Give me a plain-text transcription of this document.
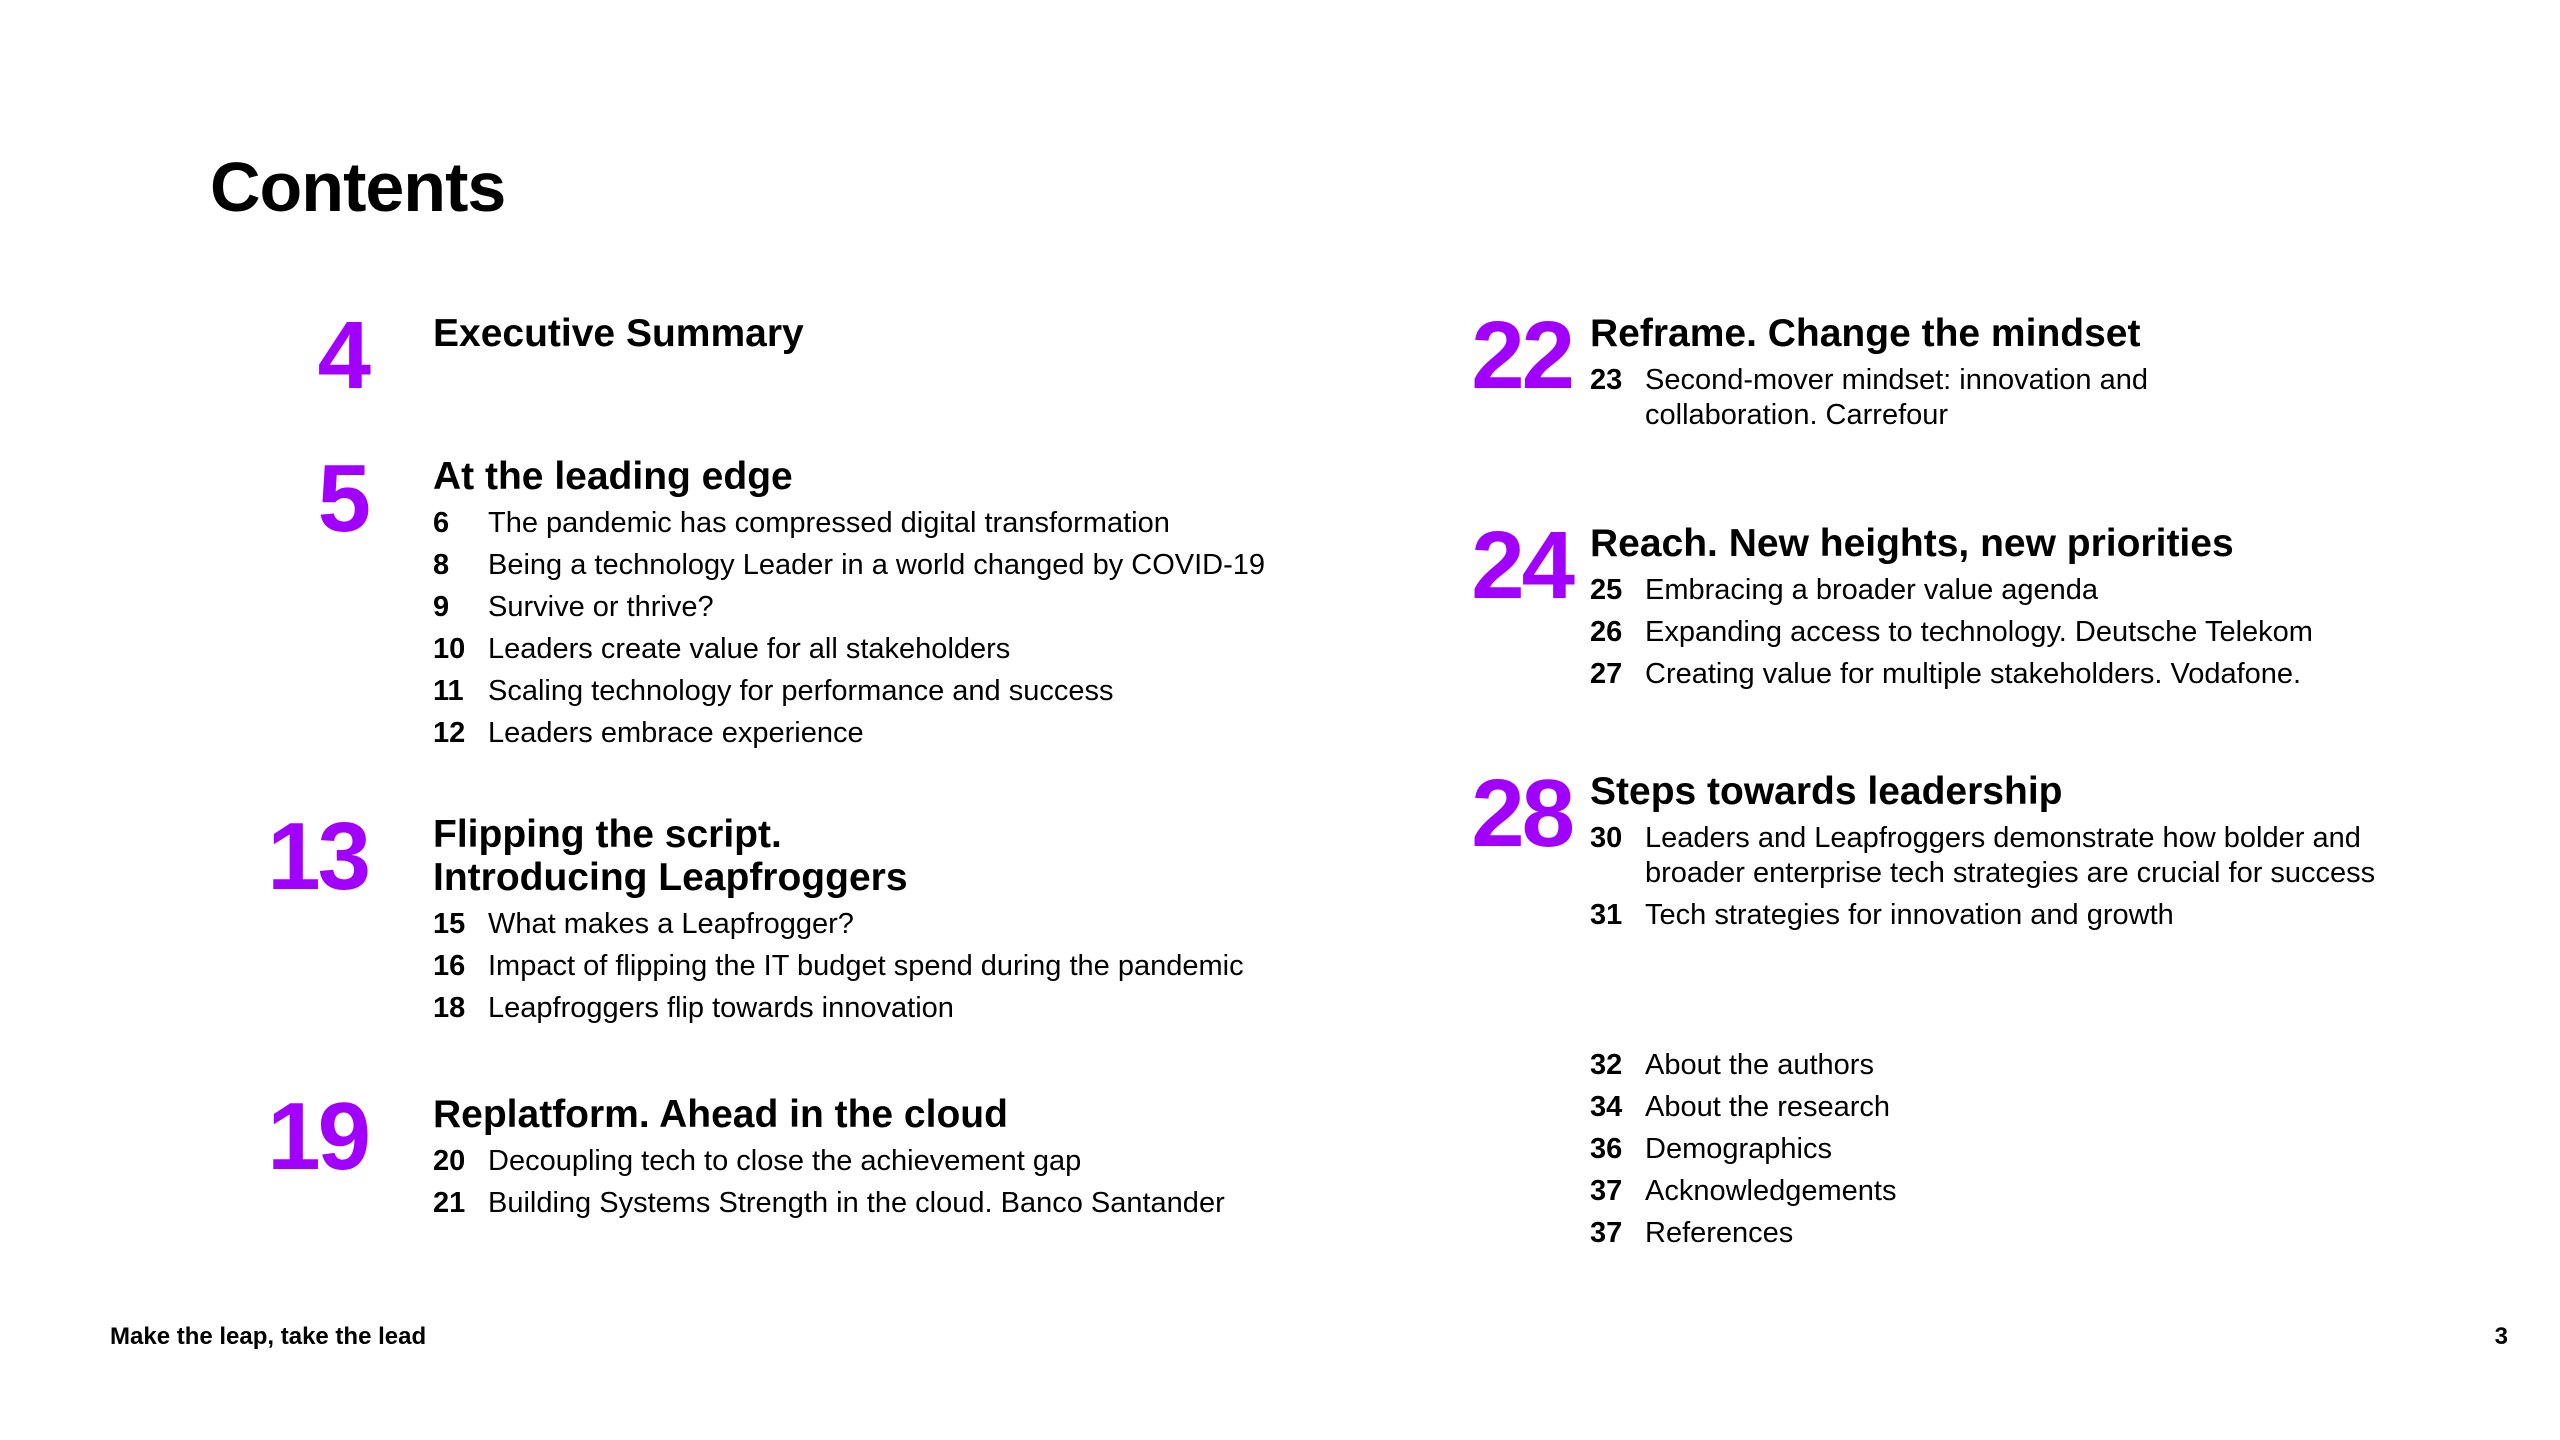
Contents
4 Executive Summary
5 At the leading edge
6	The pandemic has compressed digital transformation
8	Being a technology Leader in a world changed by COVID-19
9	Survive or thrive?
10 Leaders create value for all stakeholders
11 Scaling technology for performance and success
12 Leaders embrace experience
13 Flipping the script.
Introducing Leapfroggers
15 What makes a Leapfrogger?
16 Impact of flipping the IT budget spend during the pandemic
18 Leapfroggers flip towards innovation
19 Replatform. Ahead in the cloud
20 Decoupling tech to close the achievement gap
21 Building Systems Strength in the cloud. Banco Santander
22 Reframe. Change the mindset
23 Second-mover mindset: innovation and
collaboration. Carrefour
24 Reach. New heights, new priorities
25 Embracing a broader value agenda
26 Expanding access to technology. Deutsche Telekom
27 Creating value for multiple stakeholders. Vodafone.
28 Steps towards leadership
30 Leaders and Leapfroggers demonstrate how bolder and
broader enterprise tech strategies are crucial for success
31 Tech strategies for innovation and growth
32 About the authors
34 About the research
36 Demographics
37 Acknowledgements
37 References
Make the leap, take the lead	3
